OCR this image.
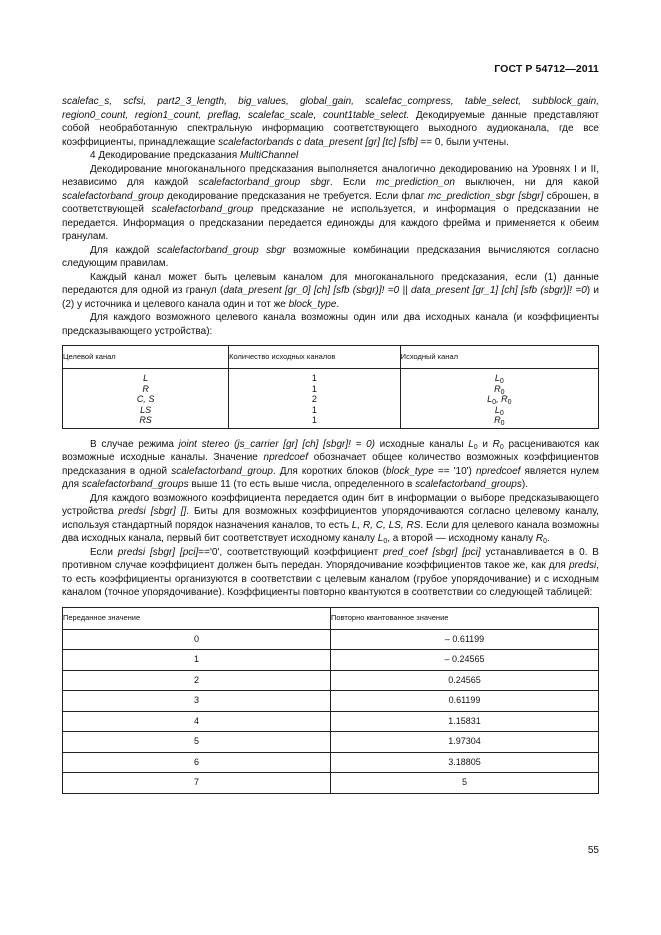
ГОСТ Р 54712—2011

scalefac_s, scfsi, part2_3_length, big_values, global_gain, scalefac_compress, table_select, subblock_gain, region0_count, region1_count, preflag, scalefac_scale, count1table_select. Декодируемые данные представляют собой необработанную спектральную информацию соответствующего выходного аудиоканала, где все коэффициенты, принадлежащие scalefactorbands с data_present [gr] [tc] [sfb] == 0, были учтены.

4 Декодирование предсказания MultiChannel

Декодирование многоканального предсказания выполняется аналогично декодированию на Уровнях I и II, независимо для каждой scalefactorband_group sbgr. Если mc_prediction_on выключен, ни для какой scalefactorband_group декодирование предсказания не требуется. Если флаг mc_prediction_sbgr [sbgr] сброшен, в соответствующей scalefactorband_group предсказание не используется, и информация о предсказании не передается. Информация о предсказании передается единожды для каждого фрейма и применяется к обеим гранулам.

Для каждой scalefactorband_group sbgr возможные комбинации предсказания вычисляются согласно следующим правилам.

Каждый канал может быть целевым каналом для многоканального предсказания, если (1) данные передаются для одной из гранул (data_present [gr_0] [ch] [sfb (sbgr)]! =0 || data_present [gr_1] [ch] [sfb (sbgr)]! =0) и (2) у источника и целевого канала один и тот же block_type.

Для каждого возможного целевого канала возможны один или два исходных канала (и коэффициенты предсказывающего устройства):

Целевой канал	Количество исходных каналов	Исходный канал
L	1	$L_0$
R	1	$R_0$
C, S	2	$L_0$, $R_0$
LS	1	$L_0$
RS	1	$R_0$

В случае режима joint stereo (js_carrier [gr] [ch] [sbgr]! = 0) исходные каналы $L_0$ и $R_0$ расцениваются как возможные исходные каналы. Значение npredcoef обозначает общее количество возможных коэффициентов предсказания в одной scalefactorband_group. Для коротких блоков (block_type == '10') npredcoef является нулем для scalefactorband_groups выше 11 (то есть выше числа, определенного в scalefactorband_groups).

Для каждого возможного коэффициента передается один бит в информации о выборе предсказывающего устройства predsi [sbgr] []. Биты для возможных коэффициентов упорядочиваются согласно целевому каналу, используя стандартный порядок назначения каналов, то есть L, R, C, LS, RS. Если для целевого канала возможны два исходных канала, первый бит соответствует исходному каналу $L_0$, а второй — исходному каналу $R_0$.

Если predsi [sbgr] [pci]=='0', соответствующий коэффициент pred_coef [sbgr] [pci] устанавливается в 0. В противном случае коэффициент должен быть передан. Упорядочивание коэффициентов такое же, как для predsi, то есть коэффициенты организуются в соответствии с целевым каналом (грубое упорядочивание) и с исходным каналом (точное упорядочивание). Коэффициенты повторно квантуются в соответствии со следующей таблицей:

Переданное значение	Повторно квантованное значение
0	– 0.61199
1	– 0.24565
2	0.24565
3	0.61199
4	1.15831
5	1.97304
6	3.18805
7	5
55
